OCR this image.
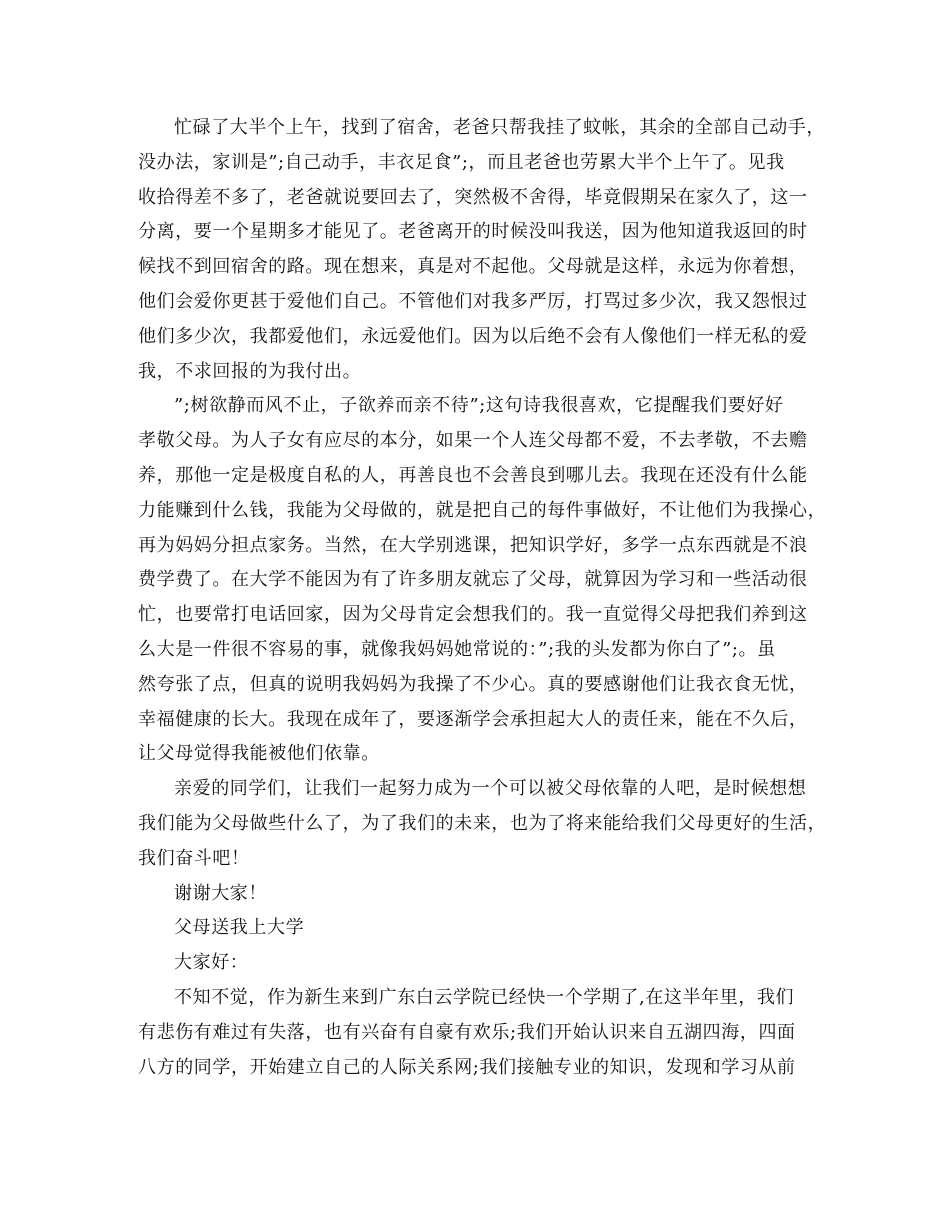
忙碌了大半个上午，找到了宿舍，老爸只帮我挂了蚊帐，其余的全部自己动手，

没办法，家训是”;自己动手，丰衣足食”;，而且老爸也劳累大半个上午了。见我

收拾得差不多了，老爸就说要回去了，突然极不舍得，毕竟假期呆在家久了，这一

分离，要一个星期多才能见了。老爸离开的时候没叫我送，因为他知道我返回的时

候找不到回宿舍的路。现在想来，真是对不起他。父母就是这样，永远为你着想，

他们会爱你更甚于爱他们自己。不管他们对我多严厉，打骂过多少次，我又怨恨过

他们多少次，我都爱他们，永远爱他们。因为以后绝不会有人像他们一样无私的爱

我，不求回报的为我付出。

”;树欲静而风不止，子欲养而亲不待”;这句诗我很喜欢，它提醒我们要好好

孝敬父母。为人子女有应尽的本分，如果一个人连父母都不爱，不去孝敬，不去赡

养，那他一定是极度自私的人，再善良也不会善良到哪儿去。我现在还没有什么能

力能赚到什么钱，我能为父母做的，就是把自己的每件事做好，不让他们为我操心，

再为妈妈分担点家务。当然，在大学别逃课，把知识学好，多学一点东西就是不浪

费学费了。在大学不能因为有了许多朋友就忘了父母，就算因为学习和一些活动很

忙，也要常打电话回家，因为父母肯定会想我们的。我一直觉得父母把我们养到这

么大是一件很不容易的事，就像我妈妈她常说的：”;我的头发都为你白了”;。虽

然夸张了点，但真的说明我妈妈为我操了不少心。真的要感谢他们让我衣食无忧，

幸福健康的长大。我现在成年了，要逐渐学会承担起大人的责任来，能在不久后，

让父母觉得我能被他们依靠。

亲爱的同学们，让我们一起努力成为一个可以被父母依靠的人吧，是时候想想

我们能为父母做些什么了，为了我们的未来，也为了将来能给我们父母更好的生活，

我们奋斗吧！

谢谢大家！

父母送我上大学

大家好：

不知不觉，作为新生来到广东白云学院已经快一个学期了,在这半年里，我们

有悲伤有难过有失落，也有兴奋有自豪有欢乐;我们开始认识来自五湖四海，四面

八方的同学，开始建立自己的人际关系网;我们接触专业的知识，发现和学习从前
